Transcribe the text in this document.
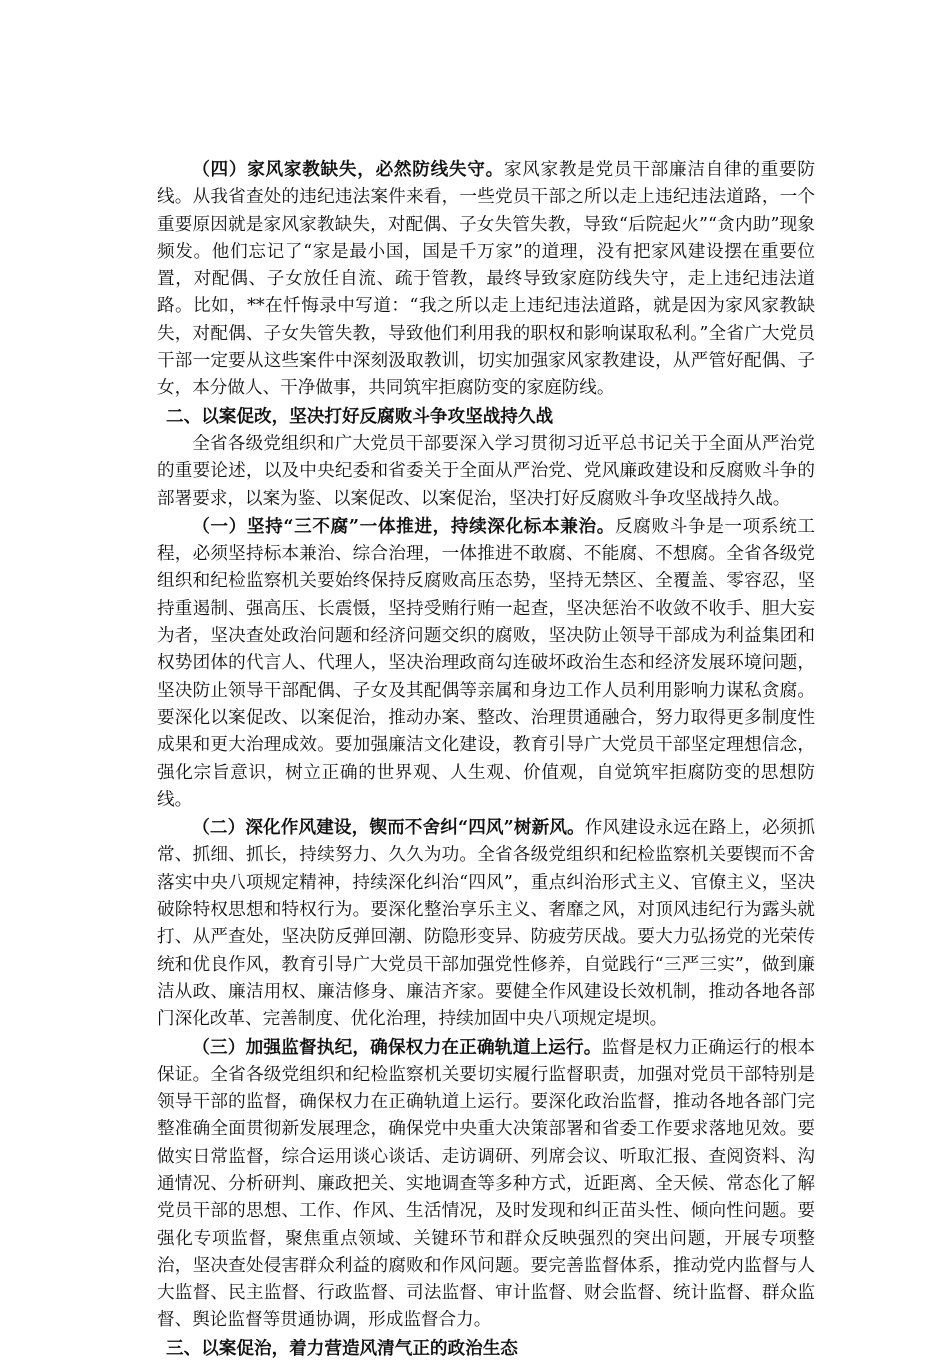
（四）家风家教缺失，必然防线失守。家风家教是党员干部廉洁自律的重要防线。从我省查处的违纪违法案件来看，一些党员干部之所以走上违纪违法道路，一个重要原因就是家风家教缺失，对配偶、子女失管失教，导致“后院起火”“贪内助”现象频发。他们忘记了“家是最小国，国是千万家”的道理，没有把家风建设摆在重要位置，对配偶、子女放任自流、疏于管教，最终导致家庭防线失守，走上违纪违法道路。比如，**在忏悔录中写道：“我之所以走上违纪违法道路，就是因为家风家教缺失，对配偶、子女失管失教，导致他们利用我的职权和影响谋取私利。”全省广大党员干部一定要从这些案件中深刻汲取教训，切实加强家风家教建设，从严管好配偶、子女，本分做人、干净做事，共同筑牢拒腐防变的家庭防线。

二、以案促改，坚决打好反腐败斗争攻坚战持久战

全省各级党组织和广大党员干部要深入学习贯彻习近平总书记关于全面从严治党的重要论述，以及中央纪委和省委关于全面从严治党、党风廉政建设和反腐败斗争的部署要求，以案为鉴、以案促改、以案促治，坚决打好反腐败斗争攻坚战持久战。

（一）坚持“三不腐”一体推进，持续深化标本兼治。反腐败斗争是一项系统工程，必须坚持标本兼治、综合治理，一体推进不敢腐、不能腐、不想腐。全省各级党组织和纪检监察机关要始终保持反腐败高压态势，坚持无禁区、全覆盖、零容忍，坚持重遏制、强高压、长震慑，坚持受贿行贿一起查，坚决惩治不收敛不收手、胆大妄为者，坚决查处政治问题和经济问题交织的腐败，坚决防止领导干部成为利益集团和权势团体的代言人、代理人，坚决治理政商勾连破坏政治生态和经济发展环境问题，坚决防止领导干部配偶、子女及其配偶等亲属和身边工作人员利用影响力谋私贪腐。要深化以案促改、以案促治，推动办案、整改、治理贯通融合，努力取得更多制度性成果和更大治理成效。要加强廉洁文化建设，教育引导广大党员干部坚定理想信念，强化宗旨意识，树立正确的世界观、人生观、价值观，自觉筑牢拒腐防变的思想防线。

（二）深化作风建设，锲而不舍纠“四风”树新风。作风建设永远在路上，必须抓常、抓细、抓长，持续努力、久久为功。全省各级党组织和纪检监察机关要锲而不舍落实中央八项规定精神，持续深化纠治“四风”，重点纠治形式主义、官僚主义，坚决破除特权思想和特权行为。要深化整治享乐主义、奢靡之风，对顶风违纪行为露头就打、从严查处，坚决防反弹回潮、防隐形变异、防疲劳厌战。要大力弘扬党的光荣传统和优良作风，教育引导广大党员干部加强党性修养，自觉践行“三严三实”，做到廉洁从政、廉洁用权、廉洁修身、廉洁齐家。要健全作风建设长效机制，推动各地各部门深化改革、完善制度、优化治理，持续加固中央八项规定堤坝。

（三）加强监督执纪，确保权力在正确轨道上运行。监督是权力正确运行的根本保证。全省各级党组织和纪检监察机关要切实履行监督职责，加强对党员干部特别是领导干部的监督，确保权力在正确轨道上运行。要深化政治监督，推动各地各部门完整准确全面贯彻新发展理念，确保党中央重大决策部署和省委工作要求落地见效。要做实日常监督，综合运用谈心谈话、走访调研、列席会议、听取汇报、查阅资料、沟通情况、分析研判、廉政把关、实地调查等多种方式，近距离、全天候、常态化了解党员干部的思想、工作、作风、生活情况，及时发现和纠正苗头性、倾向性问题。要强化专项监督，聚焦重点领域、关键环节和群众反映强烈的突出问题，开展专项整治，坚决查处侵害群众利益的腐败和作风问题。要完善监督体系，推动党内监督与人大监督、民主监督、行政监督、司法监督、审计监督、财会监督、统计监督、群众监督、舆论监督等贯通协调，形成监督合力。

三、以案促治，着力营造风清气正的政治生态
